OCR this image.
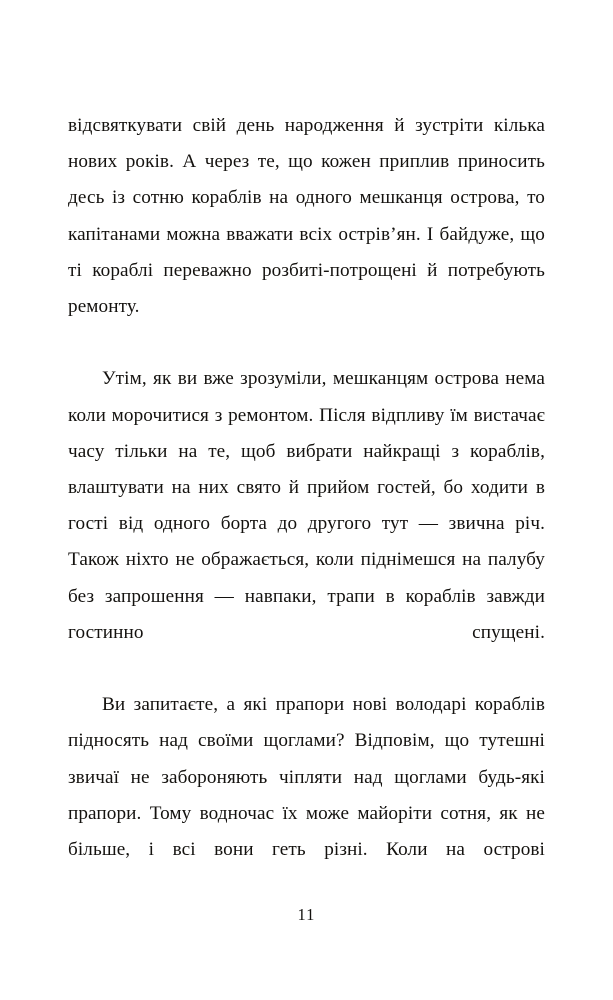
відсвяткувати свій день народження й зустріти кілька нових років. А через те, що кожен приплив приносить десь із сотню кораблів на одного мешканця острова, то капітанами можна вважати всіх острів’ян. І байдуже, що ті кораблі переважно розбиті-потрощені й потребують ремонту.

Утім, як ви вже зрозуміли, мешканцям острова нема коли морочитися з ремонтом. Після відпливу їм вистачає часу тільки на те, щоб вибрати найкращі з кораблів, влаштувати на них свято й прийом гостей, бо ходити в гості від одного борта до другого тут — звична річ. Також ніхто не ображається, коли піднімешся на палубу без запрошення — навпаки, трапи в кораблів завжди гостинно спущені.

Ви запитаєте, а які прапори нові володарі кораблів підносять над своїми щоглами? Відповім, що тутешні звичаї не забороняють чіпляти над щоглами будь-які прапори. Тому водночас їх може майоріти сотня, як не більше, і всі вони геть різні. Коли на острові

11
